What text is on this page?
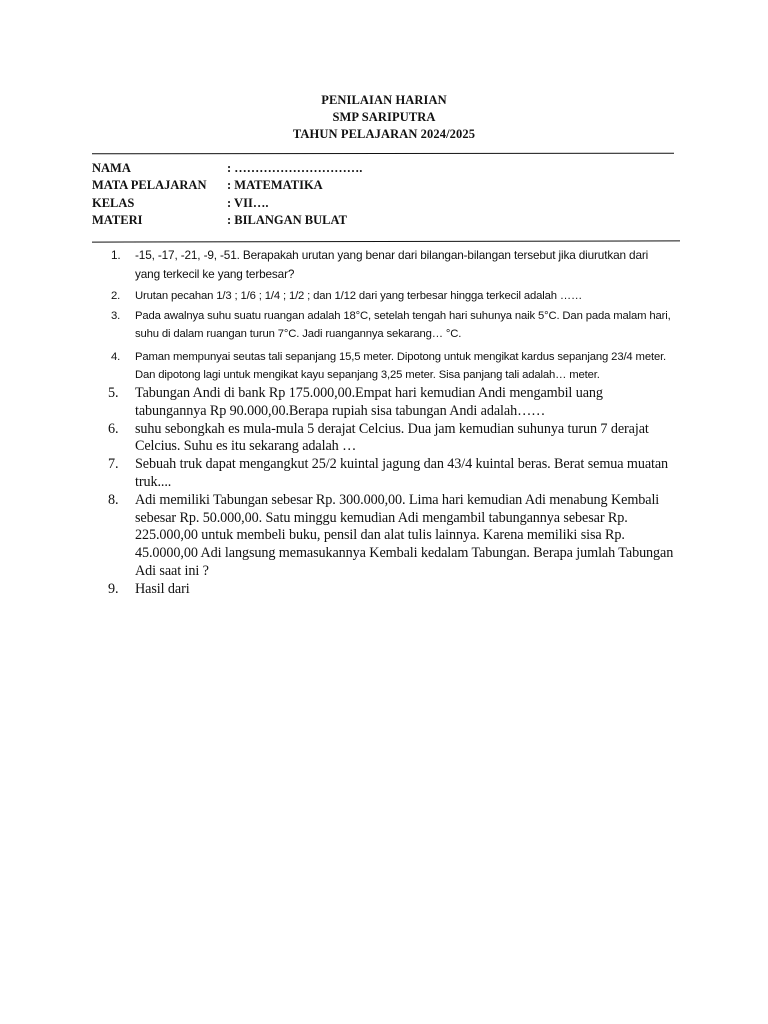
PENILAIAN HARIAN
SMP SARIPUTRA
TAHUN PELAJARAN 2024/2025
NAMA	: ………………………….
MATA PELAJARAN	: MATEMATIKA
KELAS	: VII….
MATERI	: BILANGAN BULAT
1.	-15, -17, -21, -9, -51. Berapakah urutan yang benar dari bilangan-bilangan tersebut jika diurutkan dari yang terkecil ke yang terbesar?
2.	Urutan pecahan 1/3 ; 1/6 ; 1/4 ; 1/2 ; dan 1/12 dari yang terbesar hingga terkecil adalah ……
3.	Pada awalnya suhu suatu ruangan adalah 18°C, setelah tengah hari suhunya naik 5°C. Dan pada malam hari, suhu di dalam ruangan turun 7°C. Jadi ruangannya sekarang… °C.
4.	Paman mempunyai seutas tali sepanjang 15,5 meter. Dipotong untuk mengikat kardus sepanjang 23/4 meter. Dan dipotong lagi untuk mengikat kayu sepanjang 3,25 meter. Sisa panjang tali adalah… meter.
5.	Tabungan Andi di bank Rp 175.000,00.Empat hari kemudian Andi mengambil uang tabungannya Rp 90.000,00.Berapa rupiah sisa tabungan Andi adalah……
6.	suhu sebongkah es mula-mula 5 derajat Celcius. Dua jam kemudian suhunya turun 7 derajat Celcius. Suhu es itu sekarang adalah …
7.	Sebuah truk dapat mengangkut 25/2 kuintal jagung dan 43/4 kuintal beras. Berat semua muatan truk....
8.	Adi memiliki Tabungan sebesar Rp. 300.000,00. Lima hari kemudian Adi menabung Kembali sebesar Rp. 50.000,00. Satu minggu kemudian Adi mengambil tabungannya sebesar Rp. 225.000,00 untuk membeli buku, pensil dan alat tulis lainnya. Karena memiliki sisa Rp. 45.0000,00 Adi langsung memasukannya Kembali kedalam Tabungan. Berapa jumlah Tabungan Adi saat ini ?
9.	Hasil dari
